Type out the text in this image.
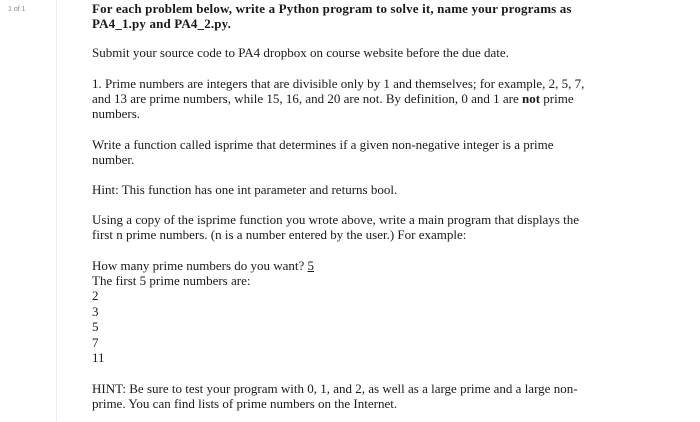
1 of 1	For each problem below, write a Python program to solve it, name your programs as
PA4_1.py and PA4_2.py.

Submit your source code to PA4 dropbox on course website before the due date.

1. Prime numbers are integers that are divisible only by 1 and themselves; for example, 2, 5, 7,
and 13 are prime numbers, while 15, 16, and 20 are not. By definition, 0 and 1 are not prime
numbers.
Write a function called isprime that determines if a given non-negative integer is a prime
number.

Hint: This function has one int parameter and returns bool.

Using a copy of the isprime function you wrote above, write a main program that displays the
first n prime numbers. (n is a number entered by the user.) For example:
How many prime numbers do you want? 5
The first 5 prime numbers are:
2
3
5
7
11
HINT: Be sure to test your program with 0, 1, and 2, as well as a large prime and a large non-
prime. You can find lists of prime numbers on the Internet.
